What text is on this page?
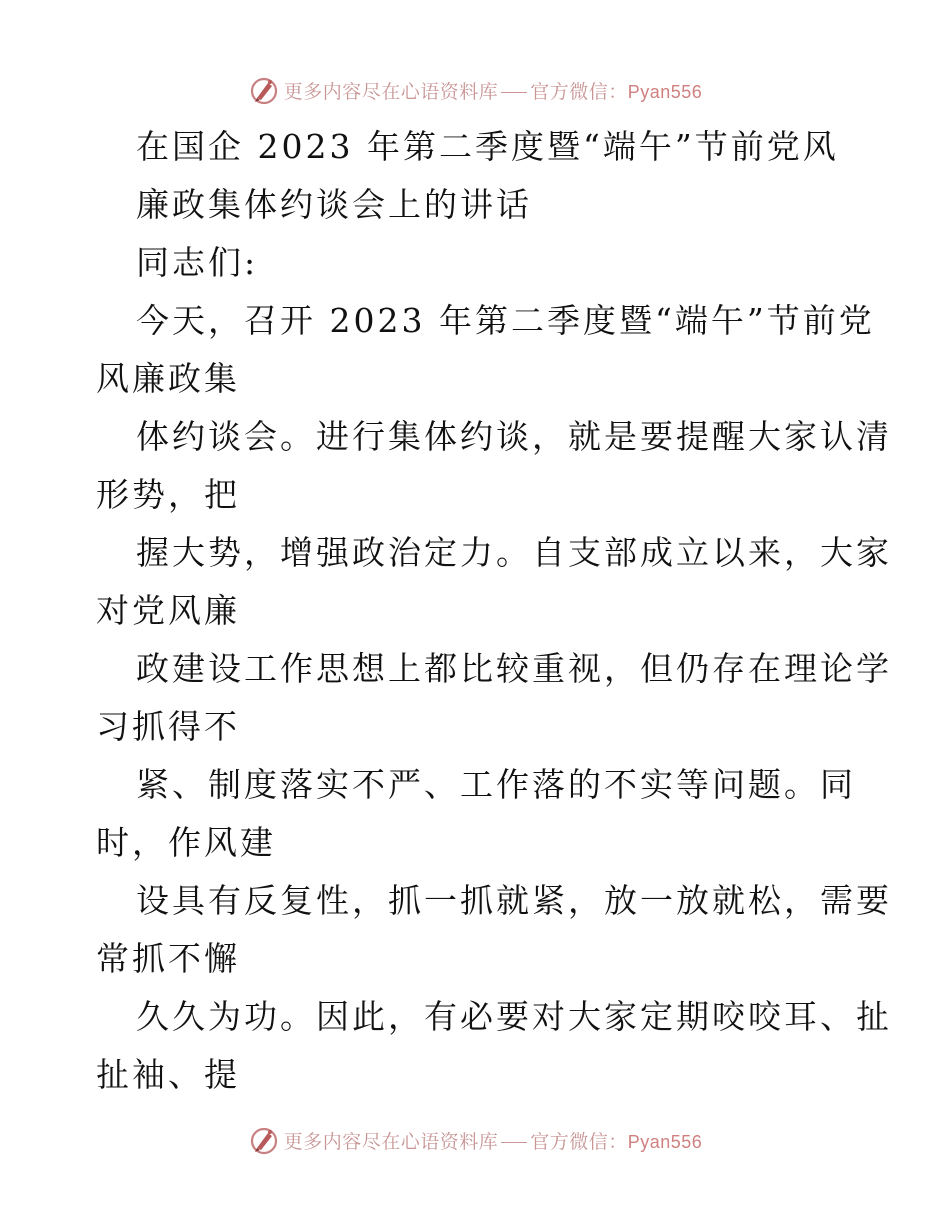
更多内容尽在心语资料库 官方微信：Pyan556
在国企 2023 年第二季度暨“端午”节前党风
廉政集体约谈会上的讲话
同志们:
今天，召开 2023 年第二季度暨“端午”节前党
风廉政集
体约谈会。进行集体约谈，就是要提醒大家认清
形势，把
握大势，增强政治定力。自支部成立以来，大家
对党风廉
政建设工作思想上都比较重视，但仍存在理论学
习抓得不
紧、制度落实不严、工作落的不实等问题。同
时，作风建
设具有反复性，抓一抓就紧，放一放就松，需要
常抓不懈
久久为功。因此，有必要对大家定期咬咬耳、扯
扯袖、提
更多内容尽在心语资料库 官方微信：Pyan556
